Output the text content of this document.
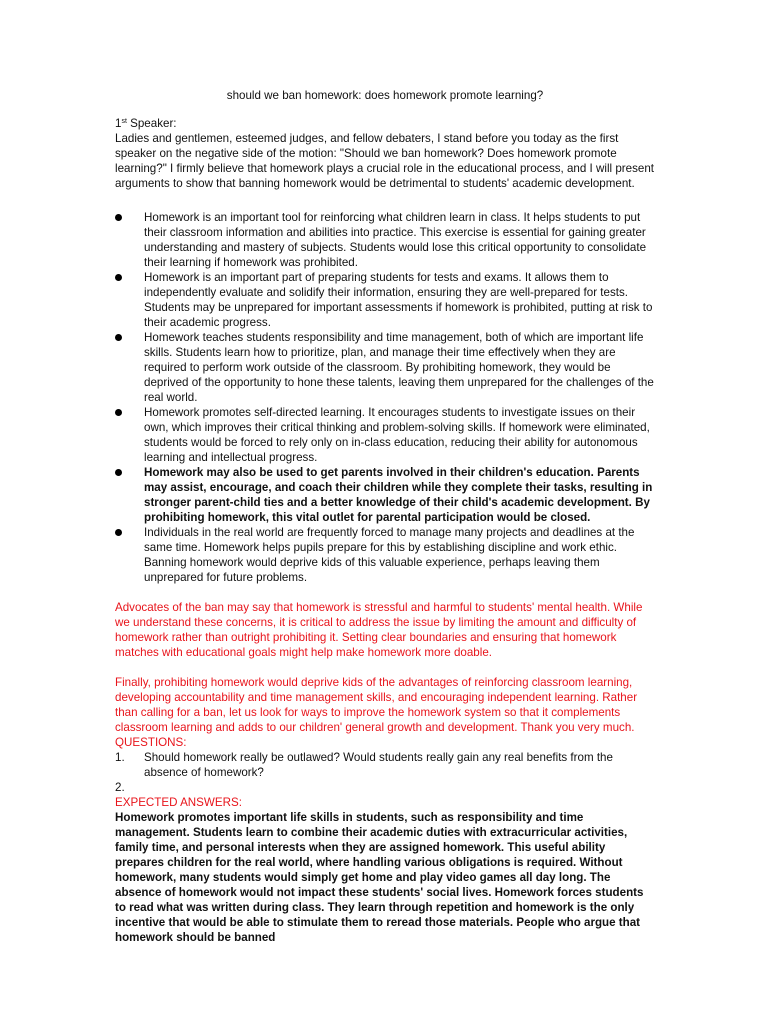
should we ban homework: does homework promote learning?

1st Speaker:

Ladies and gentlemen, esteemed judges, and fellow debaters, I stand before you today as the first speaker on the negative side of the motion: "Should we ban homework? Does homework promote learning?" I firmly believe that homework plays a crucial role in the educational process, and I will present arguments to show that banning homework would be detrimental to students' academic development.

Homework is an important tool for reinforcing what children learn in class. It helps students to put their classroom information and abilities into practice. This exercise is essential for gaining greater understanding and mastery of subjects. Students would lose this critical opportunity to consolidate their learning if homework was prohibited.
Homework is an important part of preparing students for tests and exams. It allows them to independently evaluate and solidify their information, ensuring they are well-prepared for tests. Students may be unprepared for important assessments if homework is prohibited, putting at risk to their academic progress.
Homework teaches students responsibility and time management, both of which are important life skills. Students learn how to prioritize, plan, and manage their time effectively when they are required to perform work outside of the classroom. By prohibiting homework, they would be deprived of the opportunity to hone these talents, leaving them unprepared for the challenges of the real world.
Homework promotes self-directed learning. It encourages students to investigate issues on their own, which improves their critical thinking and problem-solving skills. If homework were eliminated, students would be forced to rely only on in-class education, reducing their ability for autonomous learning and intellectual progress.
Homework may also be used to get parents involved in their children's education. Parents may assist, encourage, and coach their children while they complete their tasks, resulting in stronger parent-child ties and a better knowledge of their child's academic development. By prohibiting homework, this vital outlet for parental participation would be closed.
Individuals in the real world are frequently forced to manage many projects and deadlines at the same time. Homework helps pupils prepare for this by establishing discipline and work ethic. Banning homework would deprive kids of this valuable experience, perhaps leaving them unprepared for future problems.

Advocates of the ban may say that homework is stressful and harmful to students' mental health. While we understand these concerns, it is critical to address the issue by limiting the amount and difficulty of homework rather than outright prohibiting it. Setting clear boundaries and ensuring that homework matches with educational goals might help make homework more doable.

Finally, prohibiting homework would deprive kids of the advantages of reinforcing classroom learning, developing accountability and time management skills, and encouraging independent learning. Rather than calling for a ban, let us look for ways to improve the homework system so that it complements classroom learning and adds to our children' general growth and development. Thank you very much.

QUESTIONS:

1. Should homework really be outlawed? Would students really gain any real benefits from the absence of homework?
2.

EXPECTED ANSWERS:

Homework promotes important life skills in students, such as responsibility and time management. Students learn to combine their academic duties with extracurricular activities, family time, and personal interests when they are assigned homework. This useful ability prepares children for the real world, where handling various obligations is required. Without homework, many students would simply get home and play video games all day long. The absence of homework would not impact these students' social lives. Homework forces students to read what was written during class. They learn through repetition and homework is the only incentive that would be able to stimulate them to reread those materials. People who argue that homework should be banned
